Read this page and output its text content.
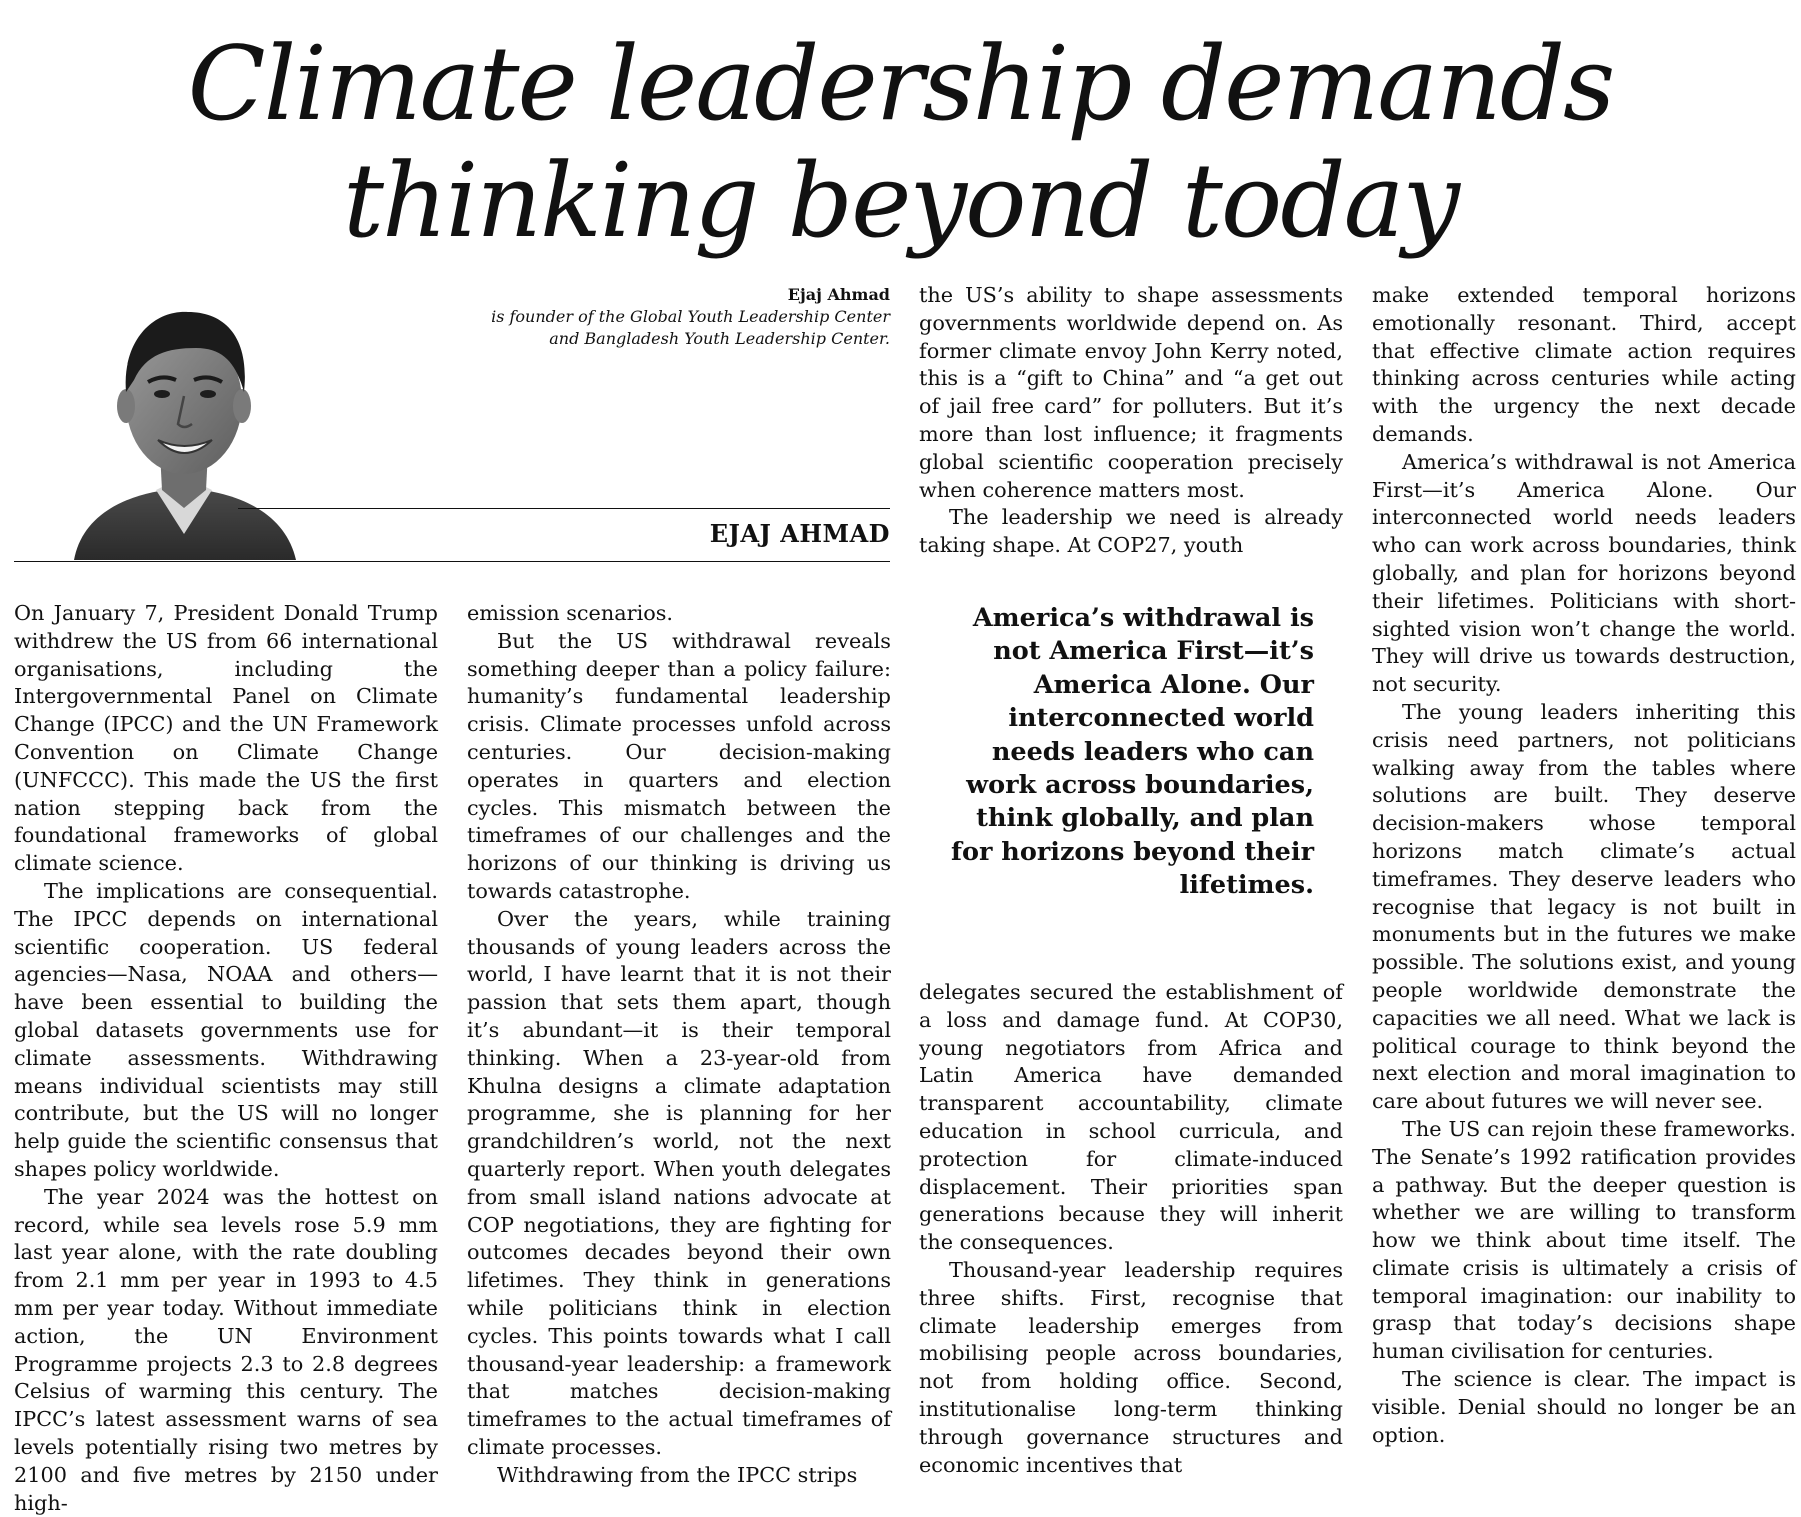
Climate leadership demands
thinking beyond today
Ejaj Ahmad
is founder of the Global Youth Leadership Center
and Bangladesh Youth Leadership Center.
EJAJ AHMAD

On January 7, President Donald Trump withdrew the US from 66 international organisations, including the Intergovernmental Panel on Climate Change (IPCC) and the UN Framework Convention on Climate Change (UNFCCC). This made the US the first nation stepping back from the foundational frameworks of global climate science.

The implications are consequential. The IPCC depends on international scientific cooperation. US federal agencies—Nasa, NOAA and others—have been essential to building the global datasets governments use for climate assessments. Withdrawing means individual scientists may still contribute, but the US will no longer help guide the scientific consensus that shapes policy worldwide.

The year 2024 was the hottest on record, while sea levels rose 5.9 mm last year alone, with the rate doubling from 2.1 mm per year in 1993 to 4.5 mm per year today. Without immediate action, the UN Environment Programme projects 2.3 to 2.8 degrees Celsius of warming this century. The IPCC’s latest assessment warns of sea levels potentially rising two metres by 2100 and five metres by 2150 under high-

emission scenarios.

But the US withdrawal reveals something deeper than a policy failure: humanity’s fundamental leadership crisis. Climate processes unfold across centuries. Our decision-making operates in quarters and election cycles. This mismatch between the timeframes of our challenges and the horizons of our thinking is driving us towards catastrophe.

Over the years, while training thousands of young leaders across the world, I have learnt that it is not their passion that sets them apart, though it’s abundant—it is their temporal thinking. When a 23-year-old from Khulna designs a climate adaptation programme, she is planning for her grandchildren’s world, not the next quarterly report. When youth delegates from small island nations advocate at COP negotiations, they are fighting for outcomes decades beyond their own lifetimes. They think in generations while politicians think in election cycles. This points towards what I call thousand-year leadership: a framework that matches decision-making timeframes to the actual timeframes of climate processes.

Withdrawing from the IPCC strips

the US’s ability to shape assessments governments worldwide depend on. As former climate envoy John Kerry noted, this is a “gift to China” and “a get out of jail free card” for polluters. But it’s more than lost influence; it fragments global scientific cooperation precisely when coherence matters most.

The leadership we need is already taking shape. At COP27, youth

America’s withdrawal is not America First—it’s America Alone. Our interconnected world needs leaders who can work across boundaries, think globally, and plan for horizons beyond their lifetimes.

delegates secured the establishment of a loss and damage fund. At COP30, young negotiators from Africa and Latin America have demanded transparent accountability, climate education in school curricula, and protection for climate-induced displacement. Their priorities span generations because they will inherit the consequences.

Thousand-year leadership requires three shifts. First, recognise that climate leadership emerges from mobilising people across boundaries, not from holding office. Second, institutionalise long-term thinking through governance structures and economic incentives that

make extended temporal horizons emotionally resonant. Third, accept that effective climate action requires thinking across centuries while acting with the urgency the next decade demands.

America’s withdrawal is not America First—it’s America Alone. Our interconnected world needs leaders who can work across boundaries, think globally, and plan for horizons beyond their lifetimes. Politicians with short-sighted vision won’t change the world. They will drive us towards destruction, not security.

The young leaders inheriting this crisis need partners, not politicians walking away from the tables where solutions are built. They deserve decision-makers whose temporal horizons match climate’s actual timeframes. They deserve leaders who recognise that legacy is not built in monuments but in the futures we make possible. The solutions exist, and young people worldwide demonstrate the capacities we all need. What we lack is political courage to think beyond the next election and moral imagination to care about futures we will never see.

The US can rejoin these frameworks. The Senate’s 1992 ratification provides a pathway. But the deeper question is whether we are willing to transform how we think about time itself. The climate crisis is ultimately a crisis of temporal imagination: our inability to grasp that today’s decisions shape human civilisation for centuries.

The science is clear. The impact is visible. Denial should no longer be an option.
